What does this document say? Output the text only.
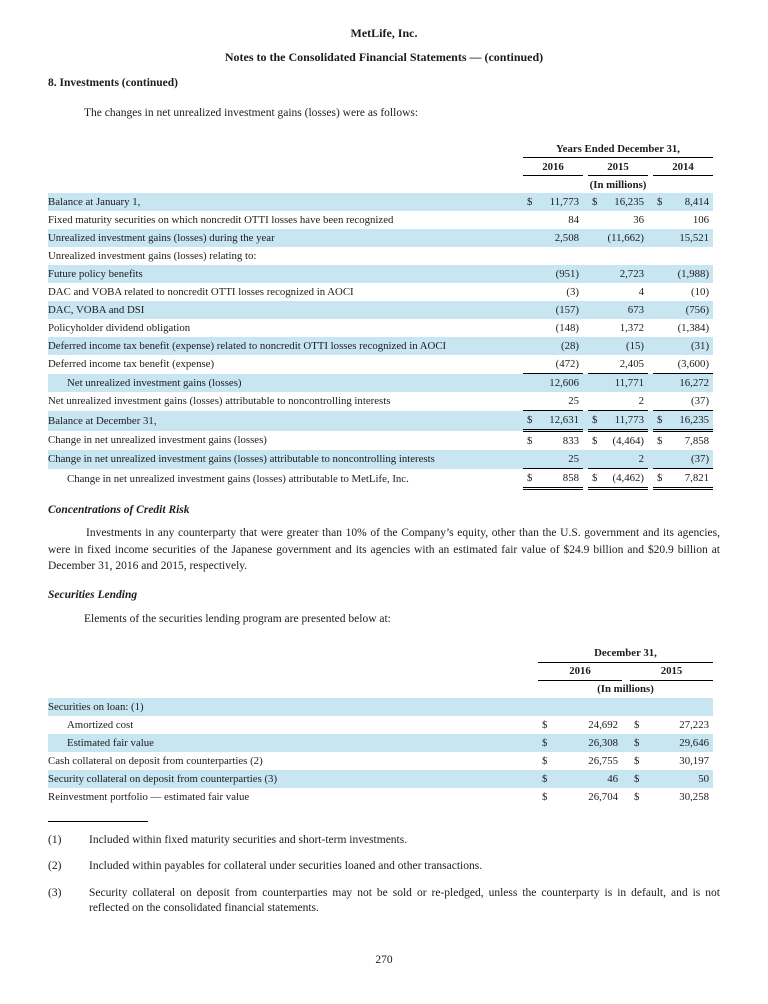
MetLife, Inc.
Notes to the Consolidated Financial Statements — (continued)
8. Investments (continued)
The changes in net unrealized investment gains (losses) were as follows:
	Years Ended December 31,				
	2016		2015		2014
	(In millions)				
Balance at January 1,	$ 11,773		$ 16,235		$ 8,414

Fixed maturity securities on which noncredit OTTI losses have been recognized	84		36		106

Unrealized investment gains (losses) during the year	2,508		(11,662)		15,521

Unrealized investment gains (losses) relating to:	

Future policy benefits	(951)		2,723		(1,988)

DAC and VOBA related to noncredit OTTI losses recognized in AOCI	(3)		4		(10)

DAC, VOBA and DSI	(157)		673		(756)

Policyholder dividend obligation	(148)		1,372		(1,384)

Deferred income tax benefit (expense) related to noncredit OTTI losses recognized in AOCI	(28)		(15)		(31)

Deferred income tax benefit (expense)	(472)		2,405		(3,600)

Net unrealized investment gains (losses)	12,606		11,771		16,272

Net unrealized investment gains (losses) attributable to noncontrolling interests	25		2		(37)

Balance at December 31,	$ 12,631		$ 11,773		$ 16,235

Change in net unrealized investment gains (losses)	$ 833		$ (4,464)		$ 7,858

Change in net unrealized investment gains (losses) attributable to noncontrolling interests	25		2		(37)

Change in net unrealized investment gains (losses) attributable to MetLife, Inc.	$ 858		$ (4,462)		$ 7,821
Concentrations of Credit Risk
Investments in any counterparty that were greater than 10% of the Company’s equity, other than the U.S. government and its agencies, were in fixed income securities of the Japanese government and its agencies with an estimated fair value of $24.9 billion and $20.9 billion at December 31, 2016 and 2015, respectively.
Securities Lending
Elements of the securities lending program are presented below at:
	December 31,		
	2016		2015
	(In millions)		
Securities on loan: (1)	

Amortized cost	$ 24,692		$ 27,223

Estimated fair value	$ 26,308		$ 29,646

Cash collateral on deposit from counterparties (2)	$ 26,755		$ 30,197

Security collateral on deposit from counterparties (3)	$ 46		$ 50

Reinvestment portfolio — estimated fair value	$ 26,704		$ 30,258
(1)	Included within fixed maturity securities and short-term investments.
(2)	Included within payables for collateral under securities loaned and other transactions.
(3)	Security collateral on deposit from counterparties may not be sold or re-pledged, unless the counterparty is in default, and is not reflected on the consolidated financial statements.
270
